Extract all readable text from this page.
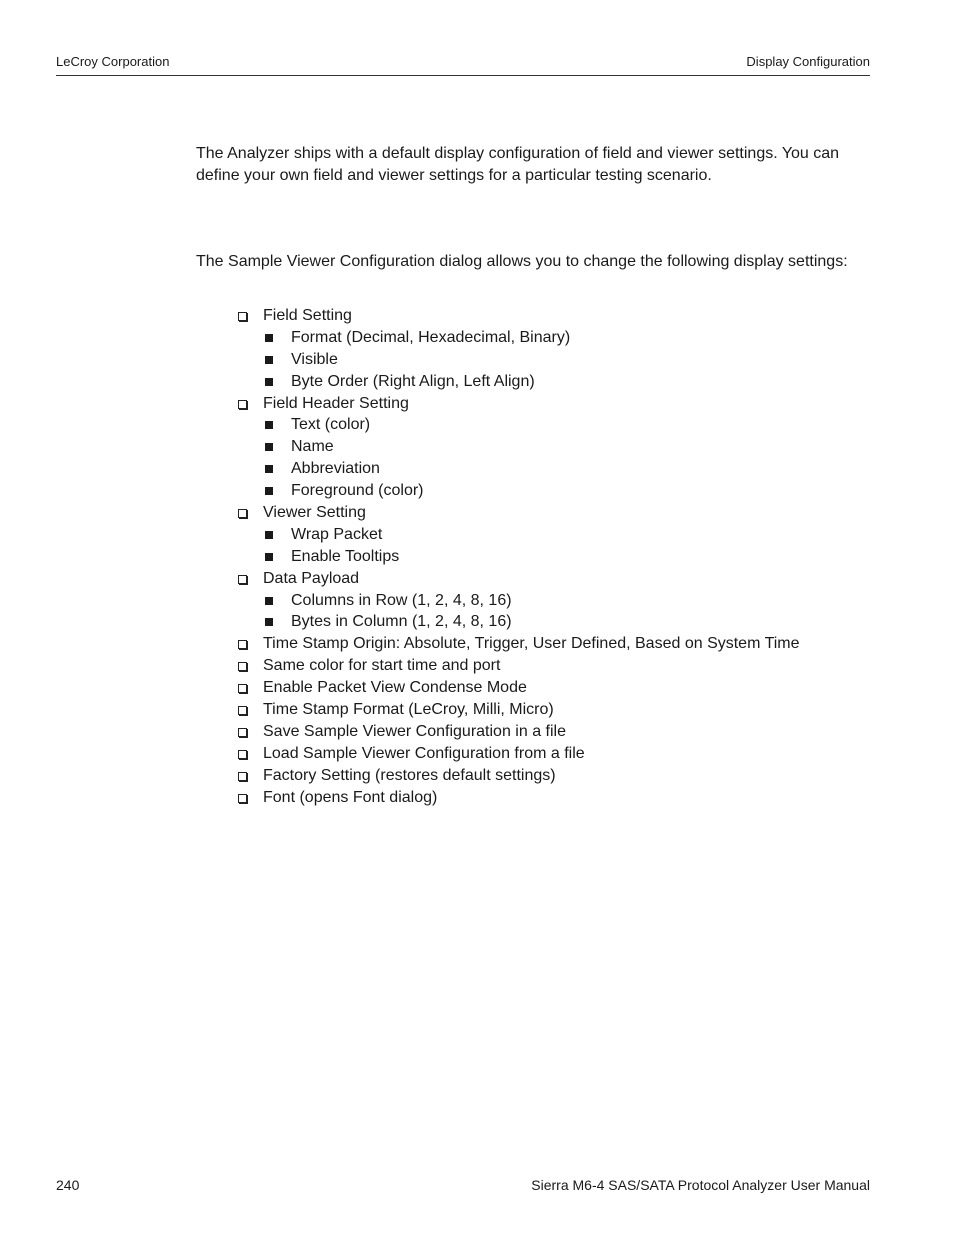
LeCroy Corporation	Display Configuration

The Analyzer ships with a default display configuration of field and viewer settings. You can define your own field and viewer settings for a particular testing scenario.

The Sample Viewer Configuration dialog allows you to change the following display settings:

Field Setting
Format (Decimal, Hexadecimal, Binary)
Visible
Byte Order (Right Align, Left Align)
Field Header Setting
Text (color)
Name
Abbreviation
Foreground (color)
Viewer Setting
Wrap Packet
Enable Tooltips
Data Payload
Columns in Row (1, 2, 4, 8, 16)
Bytes in Column (1, 2, 4, 8, 16)
Time Stamp Origin: Absolute, Trigger, User Defined, Based on System Time
Same color for start time and port
Enable Packet View Condense Mode
Time Stamp Format (LeCroy, Milli, Micro)
Save Sample Viewer Configuration in a file
Load Sample Viewer Configuration from a file
Factory Setting (restores default settings)
Font (opens Font dialog)
240	Sierra M6-4 SAS/SATA Protocol Analyzer User Manual
